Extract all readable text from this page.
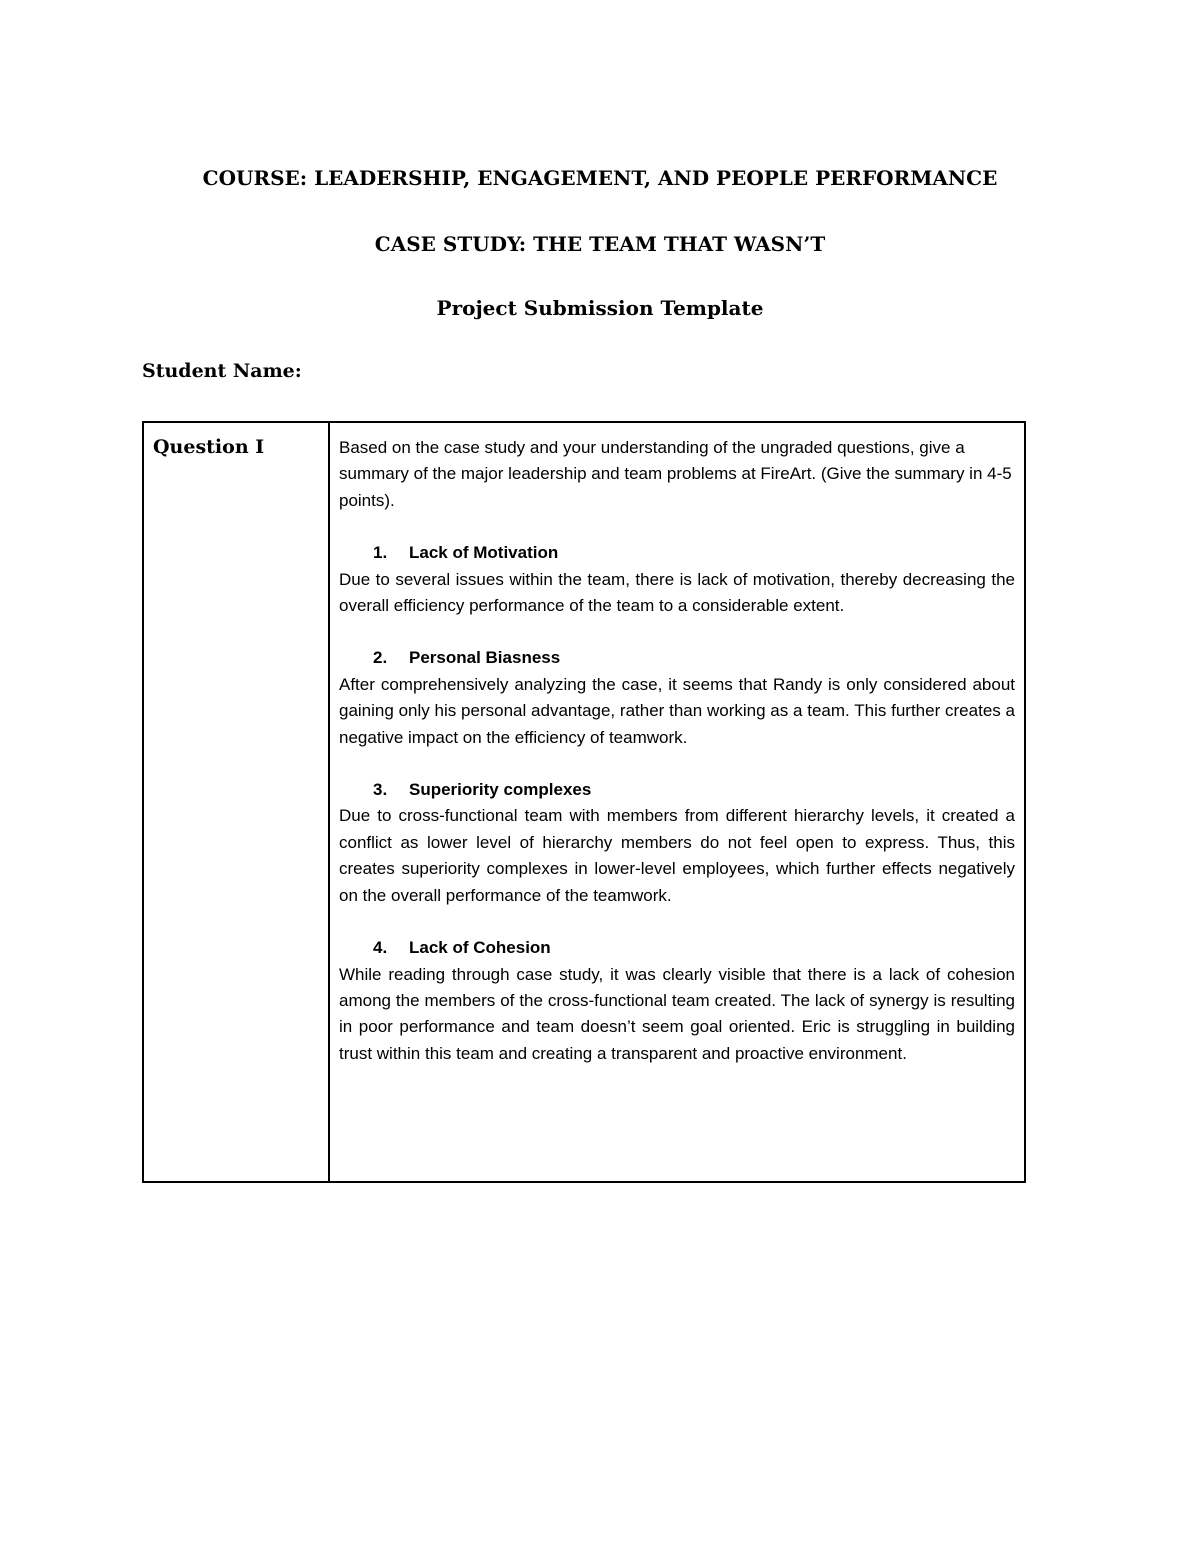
COURSE: LEADERSHIP, ENGAGEMENT, AND PEOPLE PERFORMANCE
CASE STUDY: THE TEAM THAT WASN’T
Project Submission Template

Student Name:

Question I	Based on the case study and your understanding of the ungraded questions, give a summary of the major leadership and team problems at FireArt. (Give the summary in 4-5 points).

1.	Lack of Motivation

Due to several issues within the team, there is lack of motivation, thereby decreasing the overall efficiency performance of the team to a considerable extent.

2.	Personal Biasness

After comprehensively analyzing the case, it seems that Randy is only considered about gaining only his personal advantage, rather than working as a team. This further creates a negative impact on the efficiency of teamwork.

3.	Superiority complexes

Due to cross-functional team with members from different hierarchy levels, it created a conflict as lower level of hierarchy members do not feel open to express. Thus, this creates superiority complexes in lower-level employees, which further effects negatively on the overall performance of the teamwork.

4.	Lack of Cohesion

While reading through case study, it was clearly visible that there is a lack of cohesion among the members of the cross-functional team created. The lack of synergy is resulting in poor performance and team doesn’t seem goal oriented. Eric is struggling in building trust within this team and creating a transparent and proactive environment.
